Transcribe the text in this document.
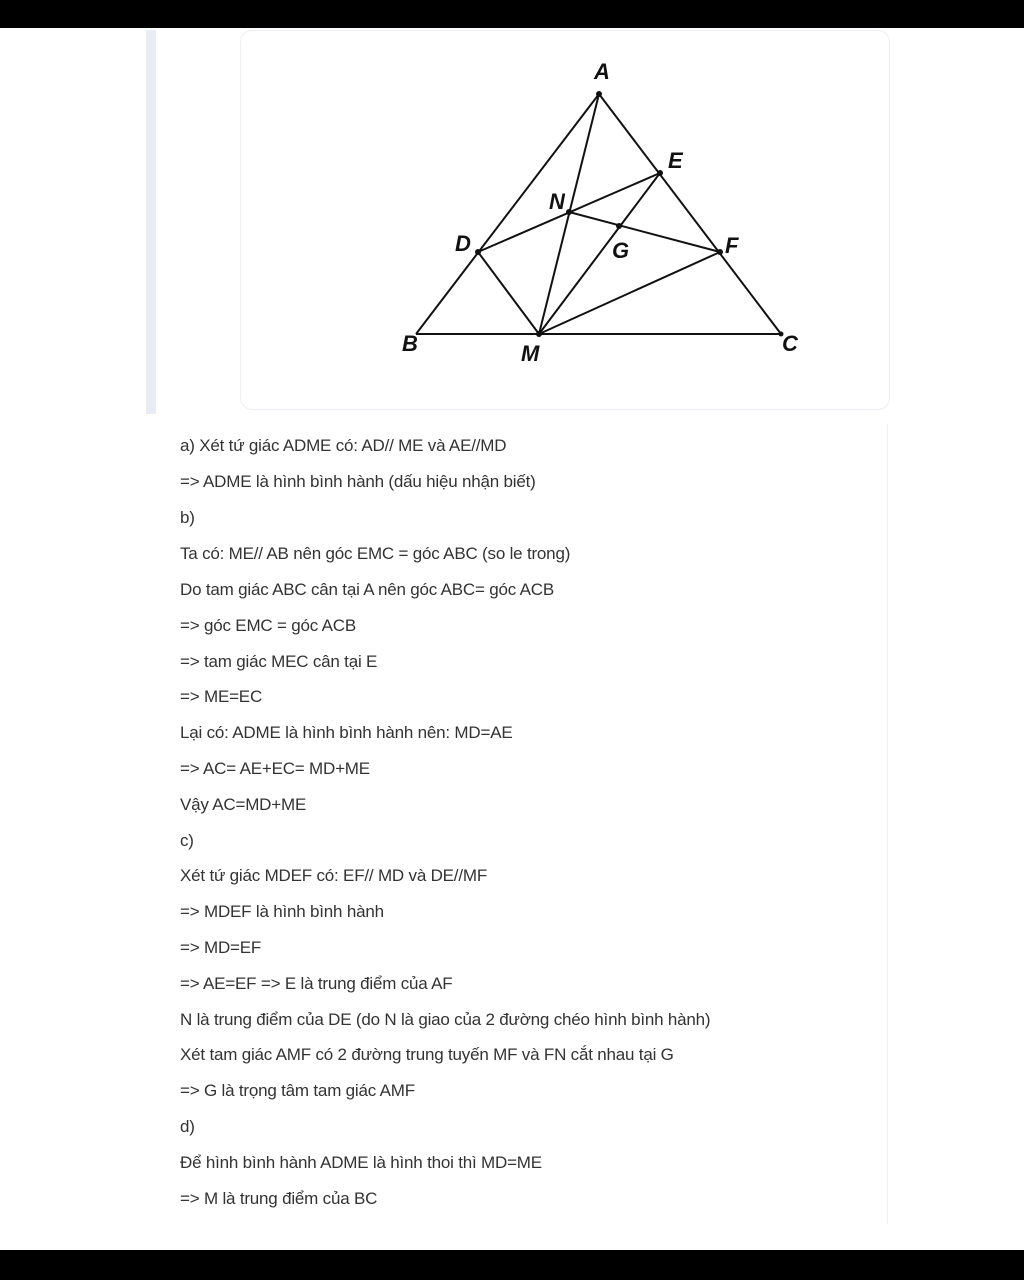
A
B	C
D
E
F
G
M
N
a) Xét tứ giác ADME có: AD// ME và AE//MD
=> ADME là hình bình hành (dấu hiệu nhận biết)
b)
Ta có: ME// AB nên góc EMC = góc ABC (so le trong)
Do tam giác ABC cân tại A nên góc ABC= góc ACB
=> góc EMC = góc ACB
=> tam giác MEC cân tại E
=> ME=EC
Lại có: ADME là hình bình hành nên: MD=AE
=> AC= AE+EC= MD+ME
Vậy AC=MD+ME
c)
Xét tứ giác MDEF có: EF// MD và DE//MF
=> MDEF là hình bình hành
=> MD=EF
=> AE=EF => E là trung điểm của AF
N là trung điểm của DE (do N là giao của 2 đường chéo hình bình hành)
Xét tam giác AMF có 2 đường trung tuyến MF và FN cắt nhau tại G
=> G là trọng tâm tam giác AMF
d)
Để hình bình hành ADME là hình thoi thì MD=ME
=> M là trung điểm của BC
